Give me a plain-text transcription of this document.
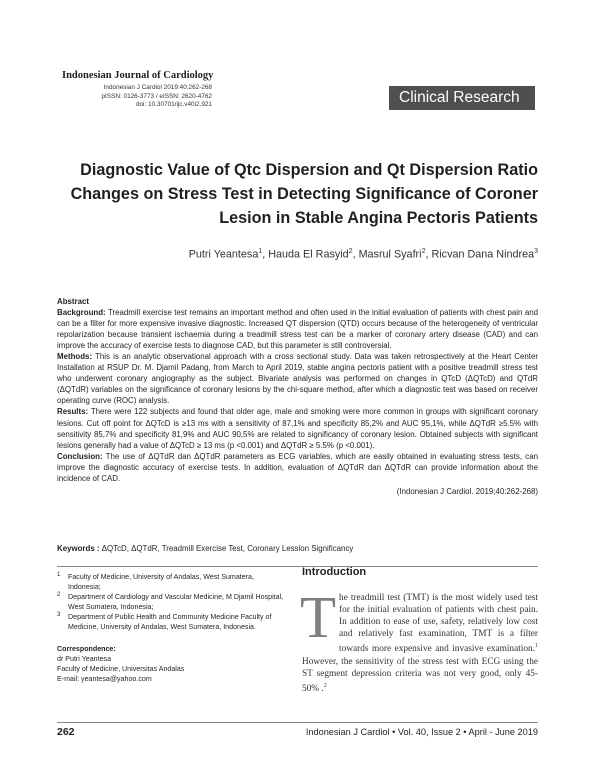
Indonesian Journal of Cardiology
Indonesian J Cardiol 2019:40:262-268
pISSN: 0126-3773 / eISSN: 2620-4762
doi: 10.30701/ijc.v40i2.921	Clinical Research
Diagnostic Value of Qtc Dispersion and Qt Dispersion Ratio Changes on Stress Test in Detecting Significance of Coroner Lesion in Stable Angina Pectoris Patients
Putri Yeantesa$^1$, Hauda El Rasyid$^2$, Masrul Syafri$^2$, Ricvan Dana Nindrea$^3$

Abstract

Background: Treadmill exercise test remains an important method and often used in the initial evaluation of patients with chest pain and can be a filter for more expensive invasive diagnostic. Increased QT dispersion (QTD) occurs because of the heterogeneity of ventricular repolarization because transient ischaemia during a treadmill stress test can be a marker of coronary artery disease (CAD) and can improve the accuracy of exercise tests to diagnose CAD, but this parameter is still controversial.

Methods: This is an analytic observational approach with a cross sectional study. Data was taken retrospectively at the Heart Center Installation at RSUP Dr. M. Djamil Padang, from March to April 2019, stable angina pectoris patient with a positive treadmill stress test who underwent coronary angiography as the subject. Bivariate analysis was performed on changes in QTcD (ΔQTcD) and QTdR (ΔQTdR) variables on the significance of coronary lesions by the chi-square method, after which a diagnostic test was based on receiver operating curve (ROC) analysis.

Results: There were 122 subjects and found that older age, male and smoking were more common in groups with significant coronary lesions. Cut off point for ΔQTcD is ≥13 ms with a sensitivity of 87,1% and specificity 85,2% and AUC 95,1%, while ΔQTdR ≥5.5% with sensitivity 85,7% and specificity 81,9% and AUC 90,5% are related to significancy of coronary lesion. Obtained subjects with significant lesions generally had a value of ΔQTcD ≥ 13 ms (p <0.001) and ΔQTdR ≥ 5.5% (p <0.001).

Conclusion: The use of ΔQTdR dan ΔQTdR parameters as ECG variables, which are easily obtained in evaluating stress tests, can improve the diagnostic accuracy of exercise tests. In addition, evaluation of ΔQTdR dan ΔQTdR can provide information about the incidence of CAD.

(Indonesian J Cardiol. 2019;40:262-268)

Keywords : ΔQTcD, ΔQTdR, Treadmill Exercise Test, Coronary Lession Significancy
1 Faculty of Medicine, University of Andalas, West Sumatera, Indonesia;
2 Department of Cardiology and Vascular Medicine, M Djamil Hospital, West Sumatera, Indonesia;
3 Department of Public Health and Community Medicine Faculty of Medicine, University of Andalas, West Sumatera, Indonesia.
Correspondence:
dr Putri Yeantesa
Faculty of Medicine, Universitas Andalas
E-mail: yeantesa@yahoo.com
Introduction
The treadmill test (TMT) is the most widely used test for the initial evaluation of patients with chest pain. In addition to ease of use, safety, relatively low cost and relatively fast examination, TMT is a filter towards more expensive and invasive examination.$^1$ However, the sensitivity of the stress test with ECG using the ST segment depression criteria was not very good, only 45-50% .$^2$
262	Indonesian J Cardiol • Vol. 40, Issue 2 • April - June 2019
